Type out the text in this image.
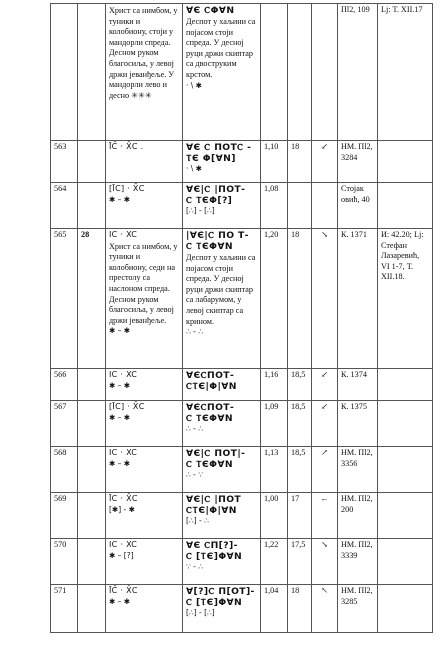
		Христ са нимбом, у туники и колобиону, стоји у мандорли спреда. Десном руком благосиља, у левој држи јеванђеље. У мандорли лево и десно ✳✳✳	ⱯЄ ⲤΦⱯΝ
Деспот у хаљини са појасом стоји спреда. У десној руци држи скиптар са двоструким крстом.
· \ ✱				Пl2, 109	Lj: T. XII.17
563		ĪC̄ · X̄C .	ⱯЄ Ⲥ ΠΟΤⲤ -
ⲦЄ Φ[ⱯΝ]
· \ ✱	1,10	18	↙	НМ. Пl2, 3284	
564		[ĪC] · X̄C
✱ – ✱	ⱯЄ|Ⲥ |ΠΟΤ-
Ⲥ ⲦЄΦ[?]
[∴] - [∴]	1,08			Стојак овић, 40	
565	28	ΙC · XC
Христ са нимбом, у туники и колобиону, седи на престолу са наслоном спреда. Десном руком благосиља, у левој држи јеванђеље.
✱ – ✱	|ⱯЄ|Ⲥ ΠΟ Τ-
Ⲥ ⲦЄΦⱯΝ
Деспот у хаљини са појасом стоји спреда. У десној руци држи скиптар са лабарумом, у левој скиптар са крином.
∴ - ∴	1,20	18	↘	К. 1371	И: 42.20; Lj: Стефан Лазаревић, VI 1-7, Т. XII.18.
566		ΙC · XC
✱ – ✱	ⱯЄⲤΠΟΤ-
ⲤⲦЄ|Φ|ⱯΝ	1,16	18,5	↙	К. 1374	
567		[ĪC] · X̄C
✱ – ✱	ⱯЄⲤΠΟΤ-
Ⲥ ⲦЄΦⱯΝ
∴ - ∴	1,09	18,5	↙	К. 1375	
568		ΙC · XC
✱ – ✱	ⱯЄ|Ⲥ ΠΟΤ|-
Ⲥ ⲦЄΦⱯΝ
∴ - ∵	1,13	18,5	↗	НМ. Пl2, 3356	
569		ĪC · X̄C
[✱] - ✱	ⱯЄ|Ⲥ |ΠΟΤ
ⲤⲦЄ|Φ|ⱯΝ
[∴] - ∴	1,00	17	←	НМ. Пl2, 200	
570		ΙC · XC
✱ – [?]	ⱯЄ ⲤΠ[?]-
Ⲥ [ⲦЄ]ΦⱯΝ
∵ - ∴	1,22	17,5	↘	НМ. Пl2, 3339	
571		ĪC̄ · X̄C
✱ – ✱	Ɐ[?]Ⲥ Π[ΟΤ]-
Ⲥ [ⲦЄ]ΦⱯΝ
[∴] - [∴]	1,04	18	↖	НМ. Пl2, 3285	
